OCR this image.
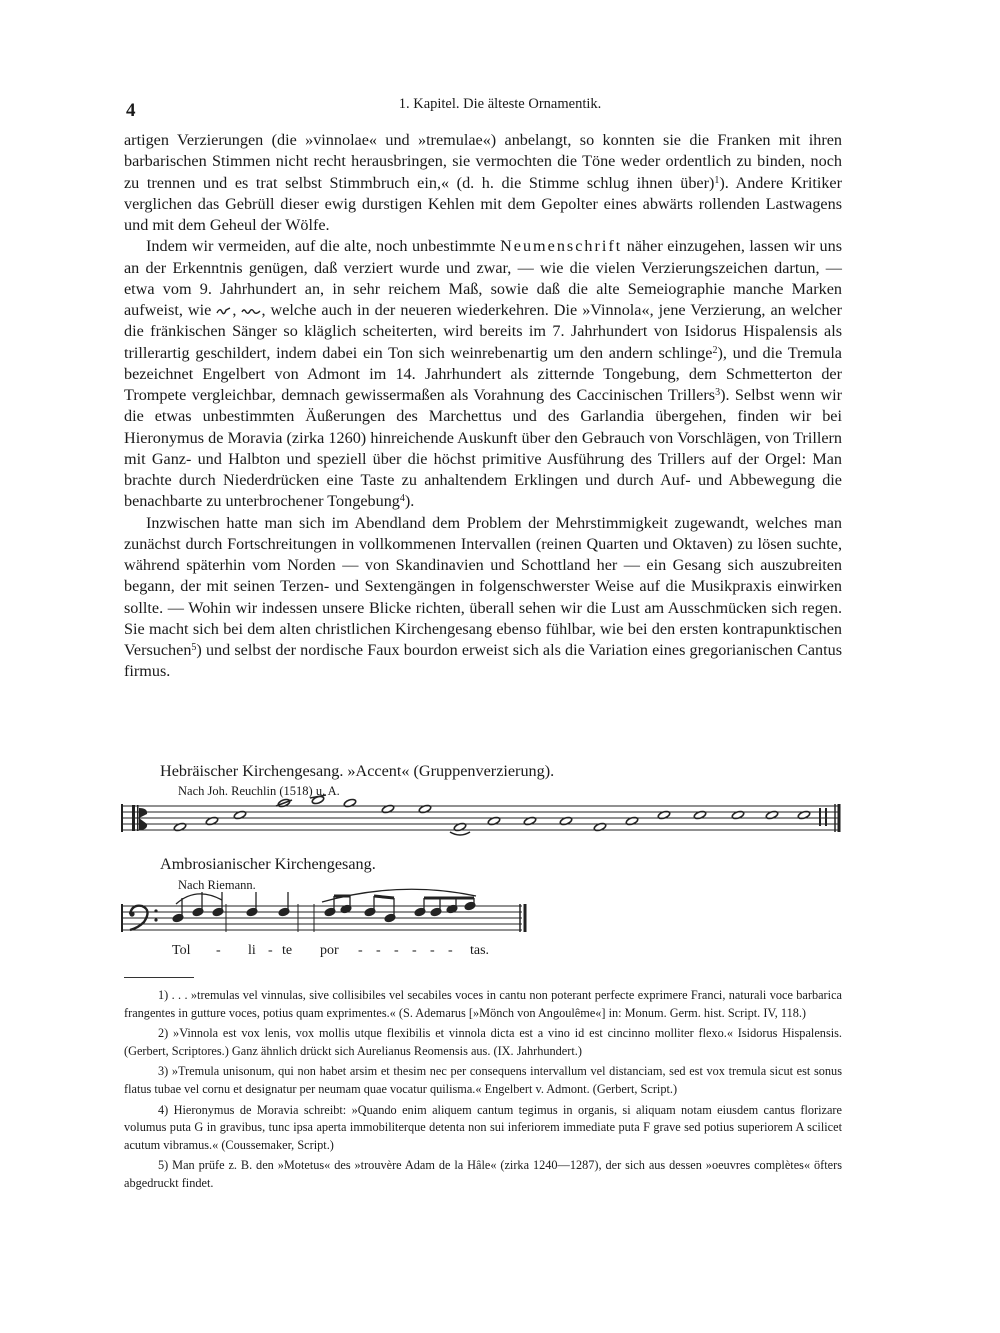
4	1. Kapitel. Die älteste Ornamentik.

artigen Verzierungen (die »vinnolae« und »tremulae«) anbelangt, so konnten sie die Franken mit ihren barbarischen Stimmen nicht recht herausbringen, sie vermochten die Töne weder ordentlich zu binden, noch zu trennen und es trat selbst Stimmbruch ein,« (d. h. die Stimme schlug ihnen über)$^1$). Andere Kritiker verglichen das Gebrüll dieser ewig durstigen Kehlen mit dem Gepolter eines abwärts rollenden Lastwagens und mit dem Geheul der Wölfe.

Indem wir vermeiden, auf die alte, noch unbestimmte Neumenschrift näher einzugehen, lassen wir uns an der Erkenntnis genügen, daß verziert wurde und zwar, — wie die vielen Verzierungszeichen dartun, — etwa vom 9. Jahrhundert an, in sehr reichem Maß, sowie daß die alte Semeiographie manche Marken aufweist, wie , , welche auch in der neueren wiederkehren. Die »Vinnola«, jene Verzierung, an welcher die fränkischen Sänger so kläglich scheiterten, wird bereits im 7. Jahrhundert von Isidorus Hispalensis als trillerartig geschildert, indem dabei ein Ton sich weinrebenartig um den andern schlinge$^2$), und die Tremula bezeichnet Engelbert von Admont im 14. Jahrhundert als zitternde Tongebung, dem Schmetterton der Trompete vergleichbar, demnach gewissermaßen als Vorahnung des Caccinischen Trillers$^3$). Selbst wenn wir die etwas unbestimmten Äußerungen des Marchettus und des Garlandia übergehen, finden wir bei Hieronymus de Moravia (zirka 1260) hinreichende Auskunft über den Gebrauch von Vorschlägen, von Trillern mit Ganz- und Halbton und speziell über die höchst primitive Ausführung des Trillers auf der Orgel: Man brachte durch Niederdrücken eine Taste zu anhaltendem Erklingen und durch Auf- und Abbewegung die benachbarte zu unterbrochener Tongebung$^4$).

Inzwischen hatte man sich im Abendland dem Problem der Mehrstimmigkeit zugewandt, welches man zunächst durch Fortschreitungen in vollkommenen Intervallen (reinen Quarten und Oktaven) zu lösen suchte, während späterhin vom Norden — von Skandinavien und Schottland her — ein Gesang sich auszubreiten begann, der mit seinen Terzen- und Sextengängen in folgenschwerster Weise auf die Musikpraxis einwirken sollte. — Wohin wir indessen unsere Blicke richten, überall sehen wir die Lust am Ausschmücken sich regen. Sie macht sich bei dem alten christlichen Kirchengesang ebenso fühlbar, wie bei den ersten kontrapunktischen Versuchen$^5$) und selbst der nordische Faux bourdon erweist sich als die Variation eines gregorianischen Cantus firmus.

Hebräischer Kirchengesang. »Accent« (Gruppenverzierung).
Nach Joh. Reuchlin (1518) u. A.
Ambrosianischer Kirchengesang.
Nach Riemann.
Tol - li - te por - - - - - - tas.

1) . . . »tremulas vel vinnulas, sive collisibiles vel secabiles voces in cantu non poterant perfecte exprimere Franci, naturali voce barbarica frangentes in gutture voces, potius quam exprimentes.« (S. Ademarus [»Mönch von Angoulême«] in: Monum. Germ. hist. Script. IV, 118.)

2) »Vinnola est vox lenis, vox mollis utque flexibilis et vinnola dicta est a vino id est cincinno molliter flexo.« Isidorus Hispalensis. (Gerbert, Scriptores.) Ganz ähnlich drückt sich Aurelianus Reomensis aus. (IX. Jahrhundert.)

3) »Tremula unisonum, qui non habet arsim et thesim nec per consequens intervallum vel distanciam, sed est vox tremula sicut est sonus flatus tubae vel cornu et designatur per neumam quae vocatur quilisma.« Engelbert v. Admont. (Gerbert, Script.)

4) Hieronymus de Moravia schreibt: »Quando enim aliquem cantum tegimus in organis, si aliquam notam eiusdem cantus florizare volumus puta G in gravibus, tunc ipsa aperta immobiliterque detenta non sui inferiorem immediate puta F grave sed potius superiorem A scilicet acutum vibramus.« (Coussemaker, Script.)

5) Man prüfe z. B. den »Motetus« des »trouvère Adam de la Hâle« (zirka 1240—1287), der sich aus dessen »oeuvres complètes« öfters abgedruckt findet.
